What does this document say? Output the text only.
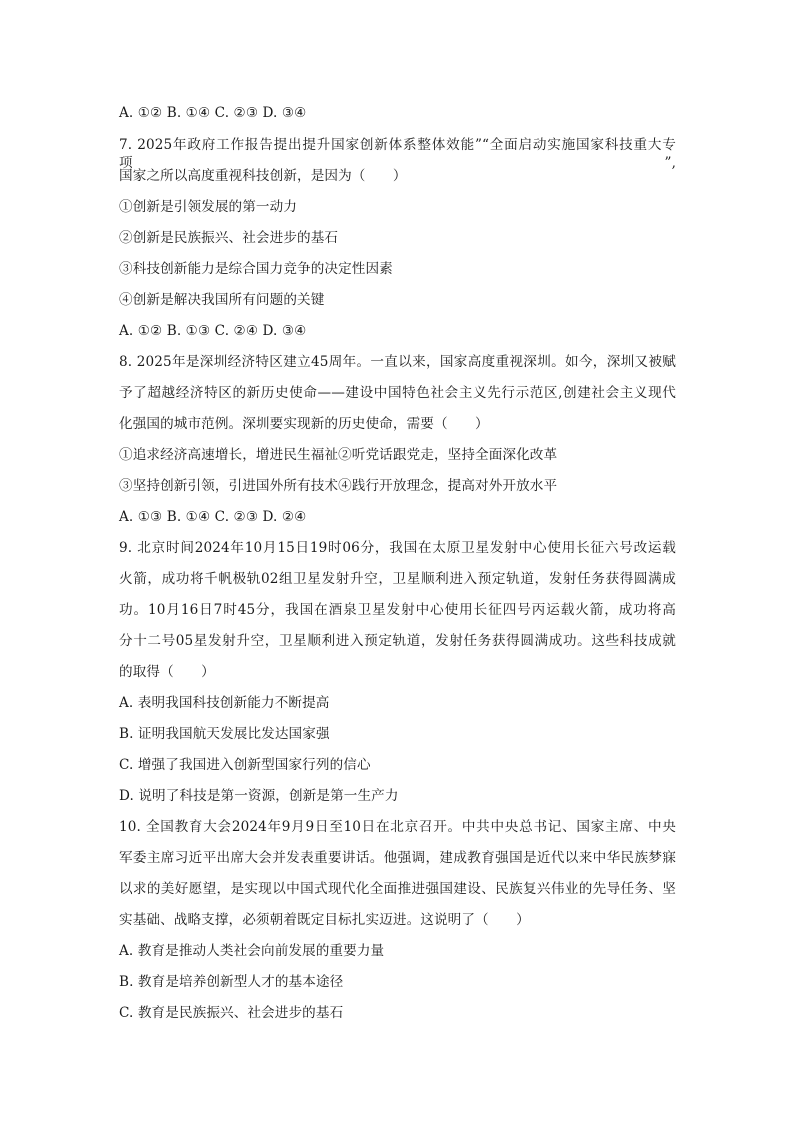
A. ①② B. ①④ C. ②③ D. ③④
7. 2025年政府工作报告提出提升国家创新体系整体效能”“全面启动实施国家科技重大专项”,
国家之所以高度重视科技创新，是因为（　　）
①创新是引领发展的第一动力
②创新是民族振兴、社会进步的基石
③科技创新能力是综合国力竞争的决定性因素
④创新是解决我国所有问题的关键
A. ①② B. ①③ C. ②④ D. ③④
8. 2025年是深圳经济特区建立45周年。一直以来，国家高度重视深圳。如今，深圳又被赋
予了超越经济特区的新历史使命——建设中国特色社会主义先行示范区,创建社会主义现代
化强国的城市范例。深圳要实现新的历史使命，需要（　　）
①追求经济高速增长，增进民生福祉②听党话跟党走，坚持全面深化改革
③坚持创新引领，引进国外所有技术④践行开放理念，提高对外开放水平
A. ①③ B. ①④ C. ②③ D. ②④
9. 北京时间2024年10月15日19时06分，我国在太原卫星发射中心使用长征六号改运载
火箭，成功将千帆极轨02组卫星发射升空，卫星顺利进入预定轨道，发射任务获得圆满成
功。10月16日7时45分，我国在酒泉卫星发射中心使用长征四号丙运载火箭，成功将高
分十二号05星发射升空，卫星顺利进入预定轨道，发射任务获得圆满成功。这些科技成就
的取得（　　）
A. 表明我国科技创新能力不断提高
B. 证明我国航天发展比发达国家强
C. 增强了我国进入创新型国家行列的信心
D. 说明了科技是第一资源，创新是第一生产力
10. 全国教育大会2024年9月9日至10日在北京召开。中共中央总书记、国家主席、中央
军委主席习近平出席大会并发表重要讲话。他强调，建成教育强国是近代以来中华民族梦寐
以求的美好愿望，是实现以中国式现代化全面推进强国建设、民族复兴伟业的先导任务、坚
实基础、战略支撑，必须朝着既定目标扎实迈进。这说明了（　　）
A. 教育是推动人类社会向前发展的重要力量
B. 教育是培养创新型人才的基本途径
C. 教育是民族振兴、社会进步的基石
